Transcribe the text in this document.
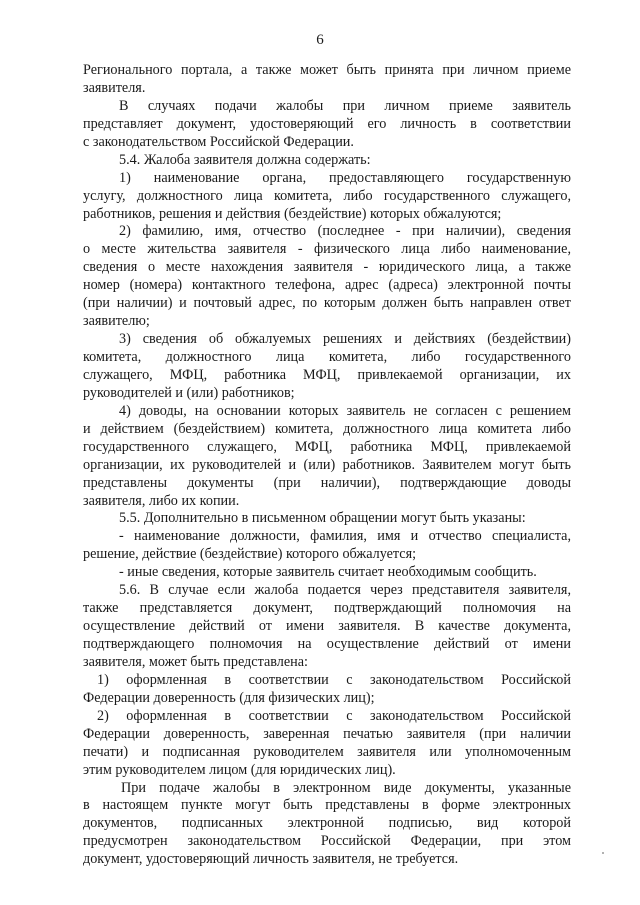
6
Регионального портала, а также может быть принята при личном приеме
заявителя.
В случаях подачи жалобы при личном приеме заявитель
представляет документ, удостоверяющий его личность в соответствии
с законодательством Российской Федерации.
5.4. Жалоба заявителя должна содержать:
1) наименование органа, предоставляющего государственную
услугу, должностного лица комитета, либо государственного служащего,
работников, решения и действия (бездействие) которых обжалуются;
2) фамилию, имя, отчество (последнее - при наличии), сведения
о месте жительства заявителя - физического лица либо наименование,
сведения о месте нахождения заявителя - юридического лица, а также
номер (номера) контактного телефона, адрес (адреса) электронной почты
(при наличии) и почтовый адрес, по которым должен быть направлен ответ
заявителю;
3) сведения об обжалуемых решениях и действиях (бездействии)
комитета, должностного лица комитета, либо государственного
служащего, МФЦ, работника МФЦ, привлекаемой организации, их
руководителей и (или) работников;
4) доводы, на основании которых заявитель не согласен с решением
и действием (бездействием) комитета, должностного лица комитета либо
государственного служащего, МФЦ, работника МФЦ, привлекаемой
организации, их руководителей и (или) работников. Заявителем могут быть
представлены документы (при наличии), подтверждающие доводы
заявителя, либо их копии.
5.5. Дополнительно в письменном обращении могут быть указаны:
- наименование должности, фамилия, имя и отчество специалиста,
решение, действие (бездействие) которого обжалуется;
- иные сведения, которые заявитель считает необходимым сообщить.
5.6. В случае если жалоба подается через представителя заявителя,
также представляется документ, подтверждающий полномочия на
осуществление действий от имени заявителя. В качестве документа,
подтверждающего полномочия на осуществление действий от имени
заявителя, может быть представлена:
1) оформленная в соответствии с законодательством Российской
Федерации доверенность (для физических лиц);
2) оформленная в соответствии с законодательством Российской
Федерации доверенность, заверенная печатью заявителя (при наличии
печати) и подписанная руководителем заявителя или уполномоченным
этим руководителем лицом (для юридических лиц).
При подаче жалобы в электронном виде документы, указанные
в настоящем пункте могут быть представлены в форме электронных
документов, подписанных электронной подписью, вид которой
предусмотрен законодательством Российской Федерации, при этом
документ, удостоверяющий личность заявителя, не требуется.
